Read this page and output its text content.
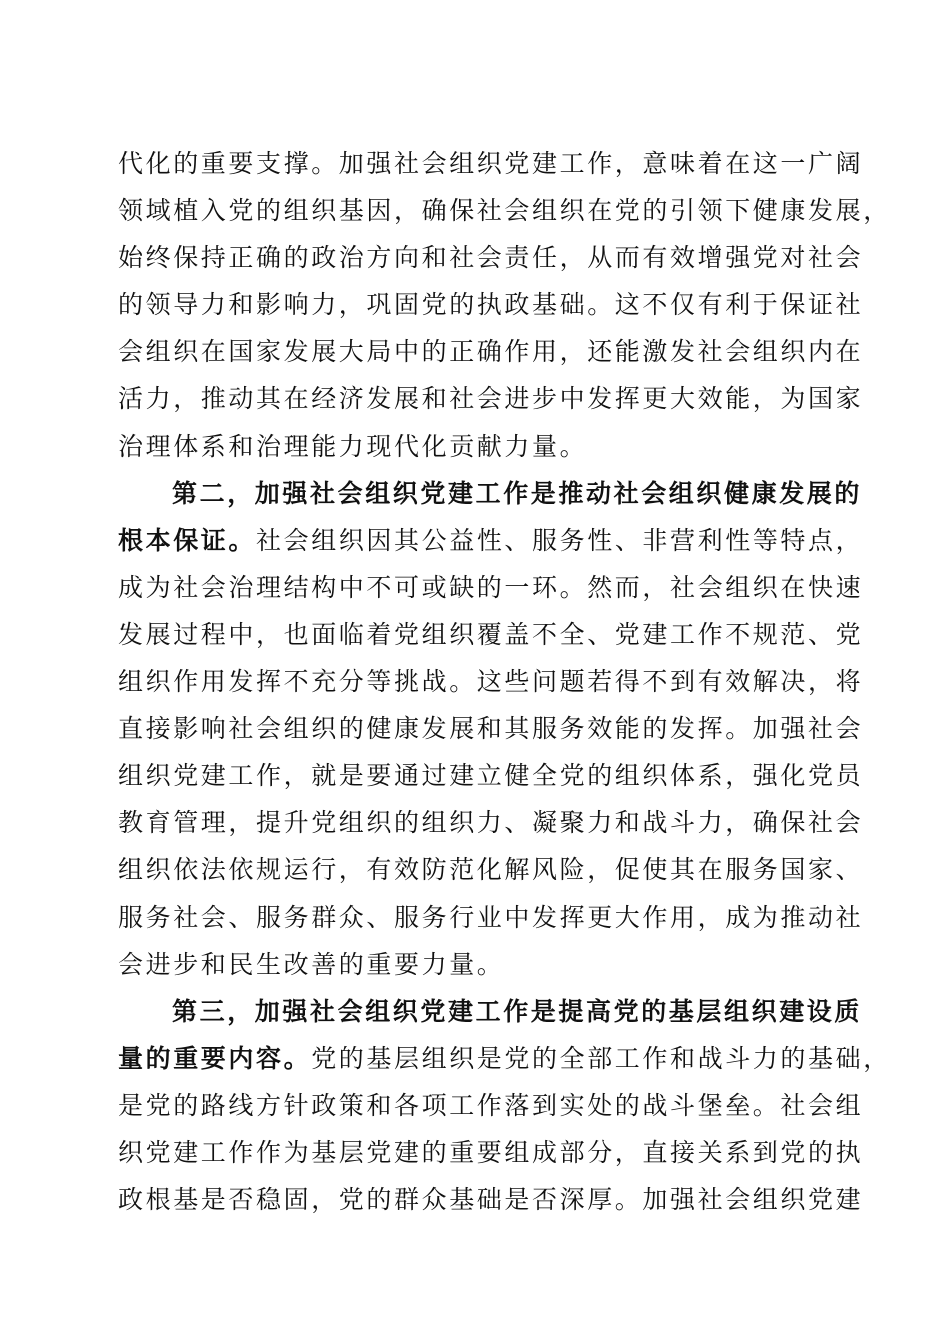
代化的重要支撑。加强社会组织党建工作，意味着在这一广阔
领域植入党的组织基因，确保社会组织在党的引领下健康发展，
始终保持正确的政治方向和社会责任，从而有效增强党对社会
的领导力和影响力，巩固党的执政基础。这不仅有利于保证社
会组织在国家发展大局中的正确作用，还能激发社会组织内在
活力，推动其在经济发展和社会进步中发挥更大效能，为国家
治理体系和治理能力现代化贡献力量。
第二，加强社会组织党建工作是推动社会组织健康发展的
根本保证。社会组织因其公益性、服务性、非营利性等特点，
成为社会治理结构中不可或缺的一环。然而，社会组织在快速
发展过程中，也面临着党组织覆盖不全、党建工作不规范、党
组织作用发挥不充分等挑战。这些问题若得不到有效解决，将
直接影响社会组织的健康发展和其服务效能的发挥。加强社会
组织党建工作，就是要通过建立健全党的组织体系，强化党员
教育管理，提升党组织的组织力、凝聚力和战斗力，确保社会
组织依法依规运行，有效防范化解风险，促使其在服务国家、
服务社会、服务群众、服务行业中发挥更大作用，成为推动社
会进步和民生改善的重要力量。
第三，加强社会组织党建工作是提高党的基层组织建设质
量的重要内容。党的基层组织是党的全部工作和战斗力的基础，
是党的路线方针政策和各项工作落到实处的战斗堡垒。社会组
织党建工作作为基层党建的重要组成部分，直接关系到党的执
政根基是否稳固，党的群众基础是否深厚。加强社会组织党建
